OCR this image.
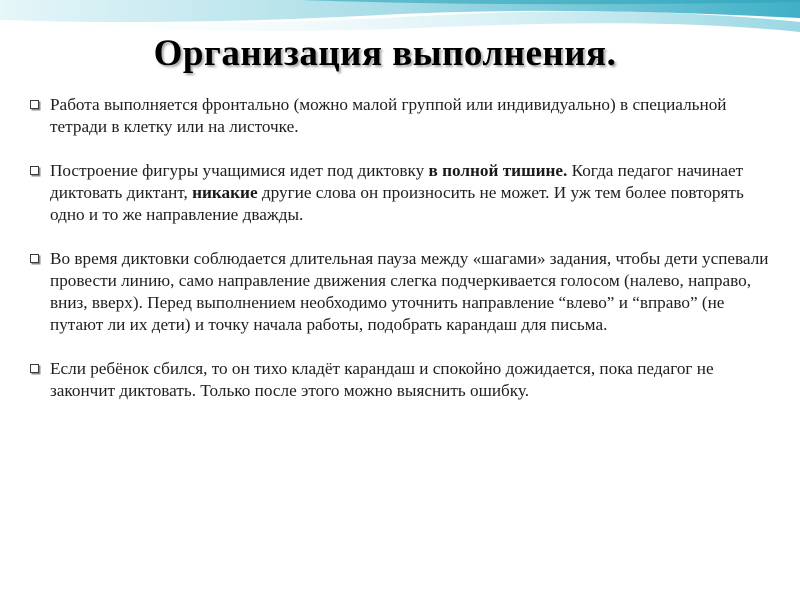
Организация выполнения.
Работа выполняется фронтально (можно малой группой или индивидуально) в специальной тетради в клетку или на листочке.
Построение фигуры учащимися идет под диктовку в полной тишине. Когда педагог начинает диктовать диктант, никакие другие слова он произносить не может. И уж тем более повторять одно и то же направление дважды.
Во время диктовки соблюдается длительная пауза между «шагами» задания, чтобы дети успевали провести линию, само направление движения слегка подчеркивается голосом (налево, направо, вниз, вверх). Перед выполнением необходимо уточнить направление “влево” и “вправо” (не путают ли их дети) и точку начала работы, подобрать карандаш для письма.
Если ребёнок сбился, то он тихо кладёт карандаш и спокойно дожидается, пока педагог не закончит диктовать. Только после этого можно выяснить ошибку.
